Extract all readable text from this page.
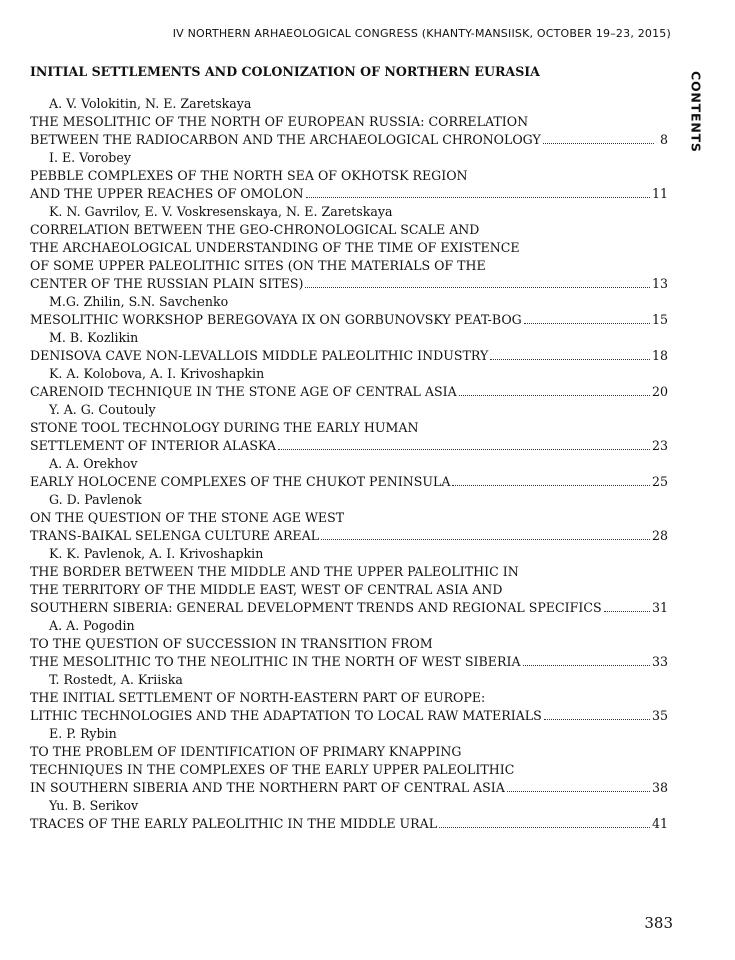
IV NORTHERN ARHAEOLOGICAL CONGRESS (KHANTY-MANSIISK, OCTOBER 19–23, 2015)
CONTENTS
INITIAL SETTLEMENTS AND COLONIZATION OF NORTHERN EURASIA
A. V. Volokitin, N. E. Zaretskaya
THE MESOLITHIC OF THE NORTH OF EUROPEAN RUSSIA: CORRELATION
BETWEEN THE RADIOCARBON AND THE ARCHAEOLOGICAL CHRONOLOGY	8
I. E. Vorobey
PEBBLE COMPLEXES OF THE NORTH SEA OF OKHOTSK REGION
AND THE UPPER REACHES OF OMOLON	11
K. N. Gavrilov, E. V. Voskresenskaya, N. E. Zaretskaya
CORRELATION BETWEEN THE GEO-CHRONOLOGICAL SCALE AND
THE ARCHAEOLOGICAL UNDERSTANDING OF THE TIME OF EXISTENCE
OF SOME UPPER PALEOLITHIC SITES (ON THE MATERIALS OF THE
CENTER OF THE RUSSIAN PLAIN SITES)	13
M.G. Zhilin, S.N. Savchenko
MESOLITHIC WORKSHOP BEREGOVAYA IX ON GORBUNOVSKY PEAT-BOG	15
M. B. Kozlikin
DENISOVA CAVE NON-LEVALLOIS MIDDLE PALEOLITHIC INDUSTRY	18
K. A. Kolobova, A. I. Krivoshapkin
CARENOID TECHNIQUE IN THE STONE AGE OF CENTRAL ASIA	20
Y. A. G. Coutouly
STONE TOOL TECHNOLOGY DURING THE EARLY HUMAN
SETTLEMENT OF INTERIOR ALASKA	23
A. A. Orekhov
EARLY HOLOCENE COMPLEXES OF THE CHUKOT PENINSULA	25
G. D. Pavlenok
ON THE QUESTION OF THE STONE AGE WEST
TRANS-BAIKAL SELENGA CULTURE AREAL	28
K. K. Pavlenok, A. I. Krivoshapkin
THE BORDER BETWEEN THE MIDDLE AND THE UPPER PALEOLITHIC IN
THE TERRITORY OF THE MIDDLE EAST, WEST OF CENTRAL ASIA AND
SOUTHERN SIBERIA: GENERAL DEVELOPMENT TRENDS AND REGIONAL SPECIFICS	31
A. A. Pogodin
TO THE QUESTION OF SUCCESSION IN TRANSITION FROM
THE MESOLITHIC TO THE NEOLITHIC IN THE NORTH OF WEST SIBERIA	33
T. Rostedt, A. Kriiska
THE INITIAL SETTLEMENT OF NORTH-EASTERN PART OF EUROPE:
LITHIC TECHNOLOGIES AND THE ADAPTATION TO LOCAL RAW MATERIALS	35
E. P. Rybin
TO THE PROBLEM OF IDENTIFICATION OF PRIMARY KNAPPING
TECHNIQUES IN THE COMPLEXES OF THE EARLY UPPER PALEOLITHIC
IN SOUTHERN SIBERIA AND THE NORTHERN PART OF CENTRAL ASIA	38
Yu. B. Serikov
TRACES OF THE EARLY PALEOLITHIC IN THE MIDDLE URAL	41
383
